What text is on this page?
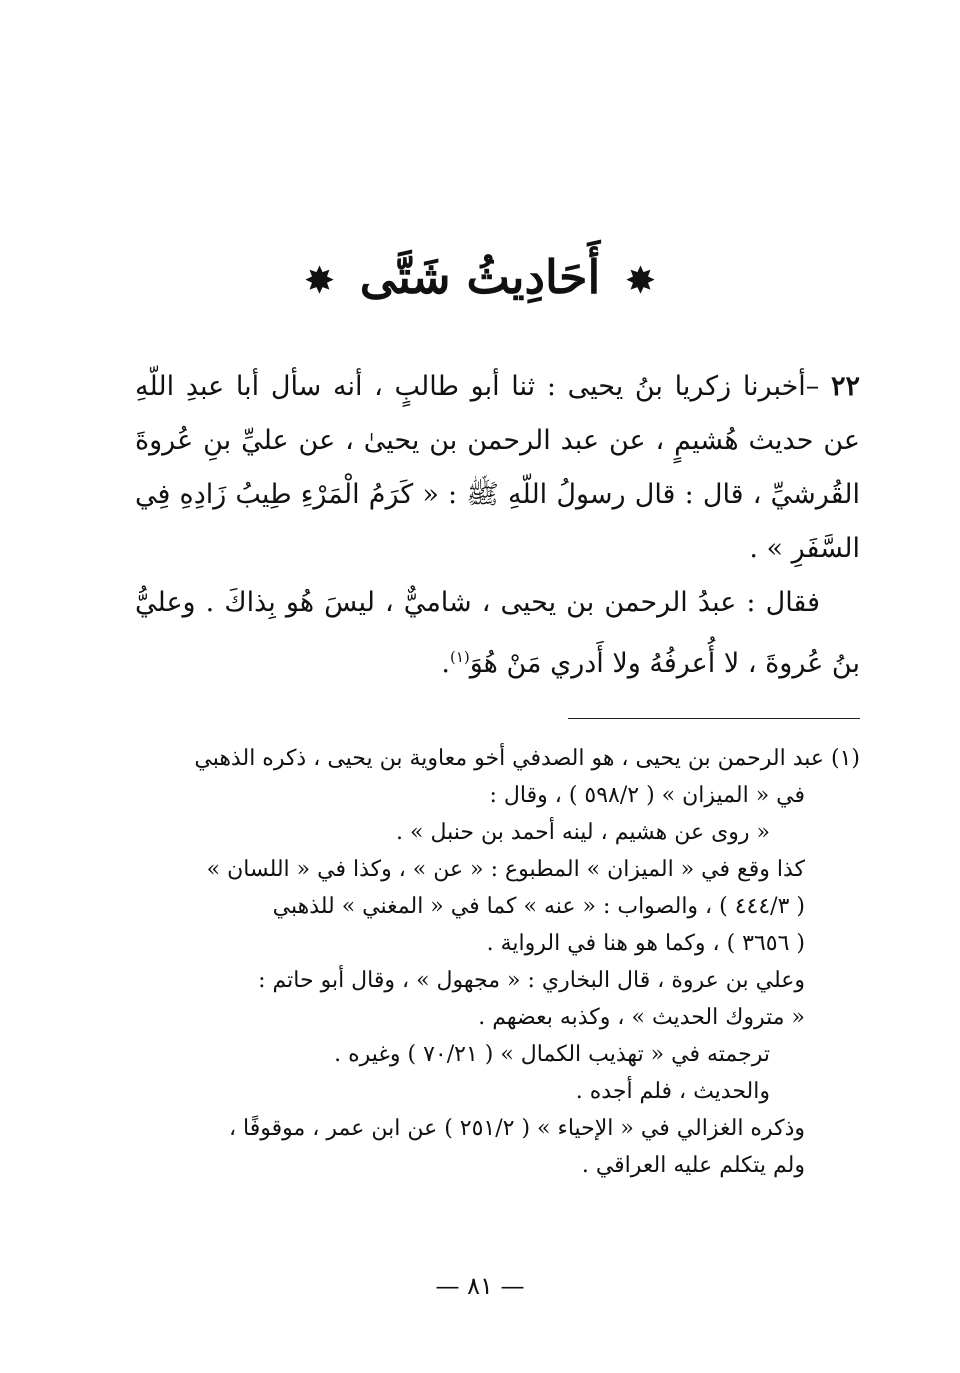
✸ أَحَادِيثُ شَتَّى ✸

٢٢ –أخبرنا زكريا بنُ يحيى : ثنا أبو طالبٍ ، أنه سأل أبا عبدِ اللّهِ عن حديث هُشيمٍ ، عن عبد الرحمن بن يحيىٰ ، عن عليِّ بنِ عُروةَ القُرشيِّ ، قال : قال رسولُ اللّهِ ﷺ : « كَرَمُ الْمَرْءِ طِيبُ زَادِهِ فِي السَّفَرِ » .

فقال : عبدُ الرحمن بن يحيى ، شاميٌّ ، ليسَ هُو بِذاكَ . وعليُّ بنُ عُروةَ ، لا أُعرفُهُ ولا أَدري مَنْ هُوَ$^{(١)}$.

(١) عبد الرحمن بن يحيى ، هو الصدفي أخو معاوية بن يحيى ، ذكره الذهبي

في « الميزان » ( ٥٩٨/٢ ) ، وقال :

« روى عن هشيم ، لينه أحمد بن حنبل » .

كذا وقع في « الميزان » المطبوع : « عن » ، وكذا في « اللسان »

( ٤٤٤/٣ ) ، والصواب : « عنه » كما في « المغني » للذهبي

( ٣٦٥٦ ) ، وكما هو هنا في الرواية .

وعلي بن عروة ، قال البخاري : « مجهول » ، وقال أبو حاتم :

« متروك الحديث » ، وكذبه بعضهم .

ترجمته في « تهذيب الكمال » ( ٧٠/٢١ ) وغيره .

والحديث ، فلم أجده .

وذكره الغزالي في « الإحياء » ( ٢٥١/٢ ) عن ابن عمر ، موقوفًا ،

ولم يتكلم عليه العراقي .

— ٨١ —
